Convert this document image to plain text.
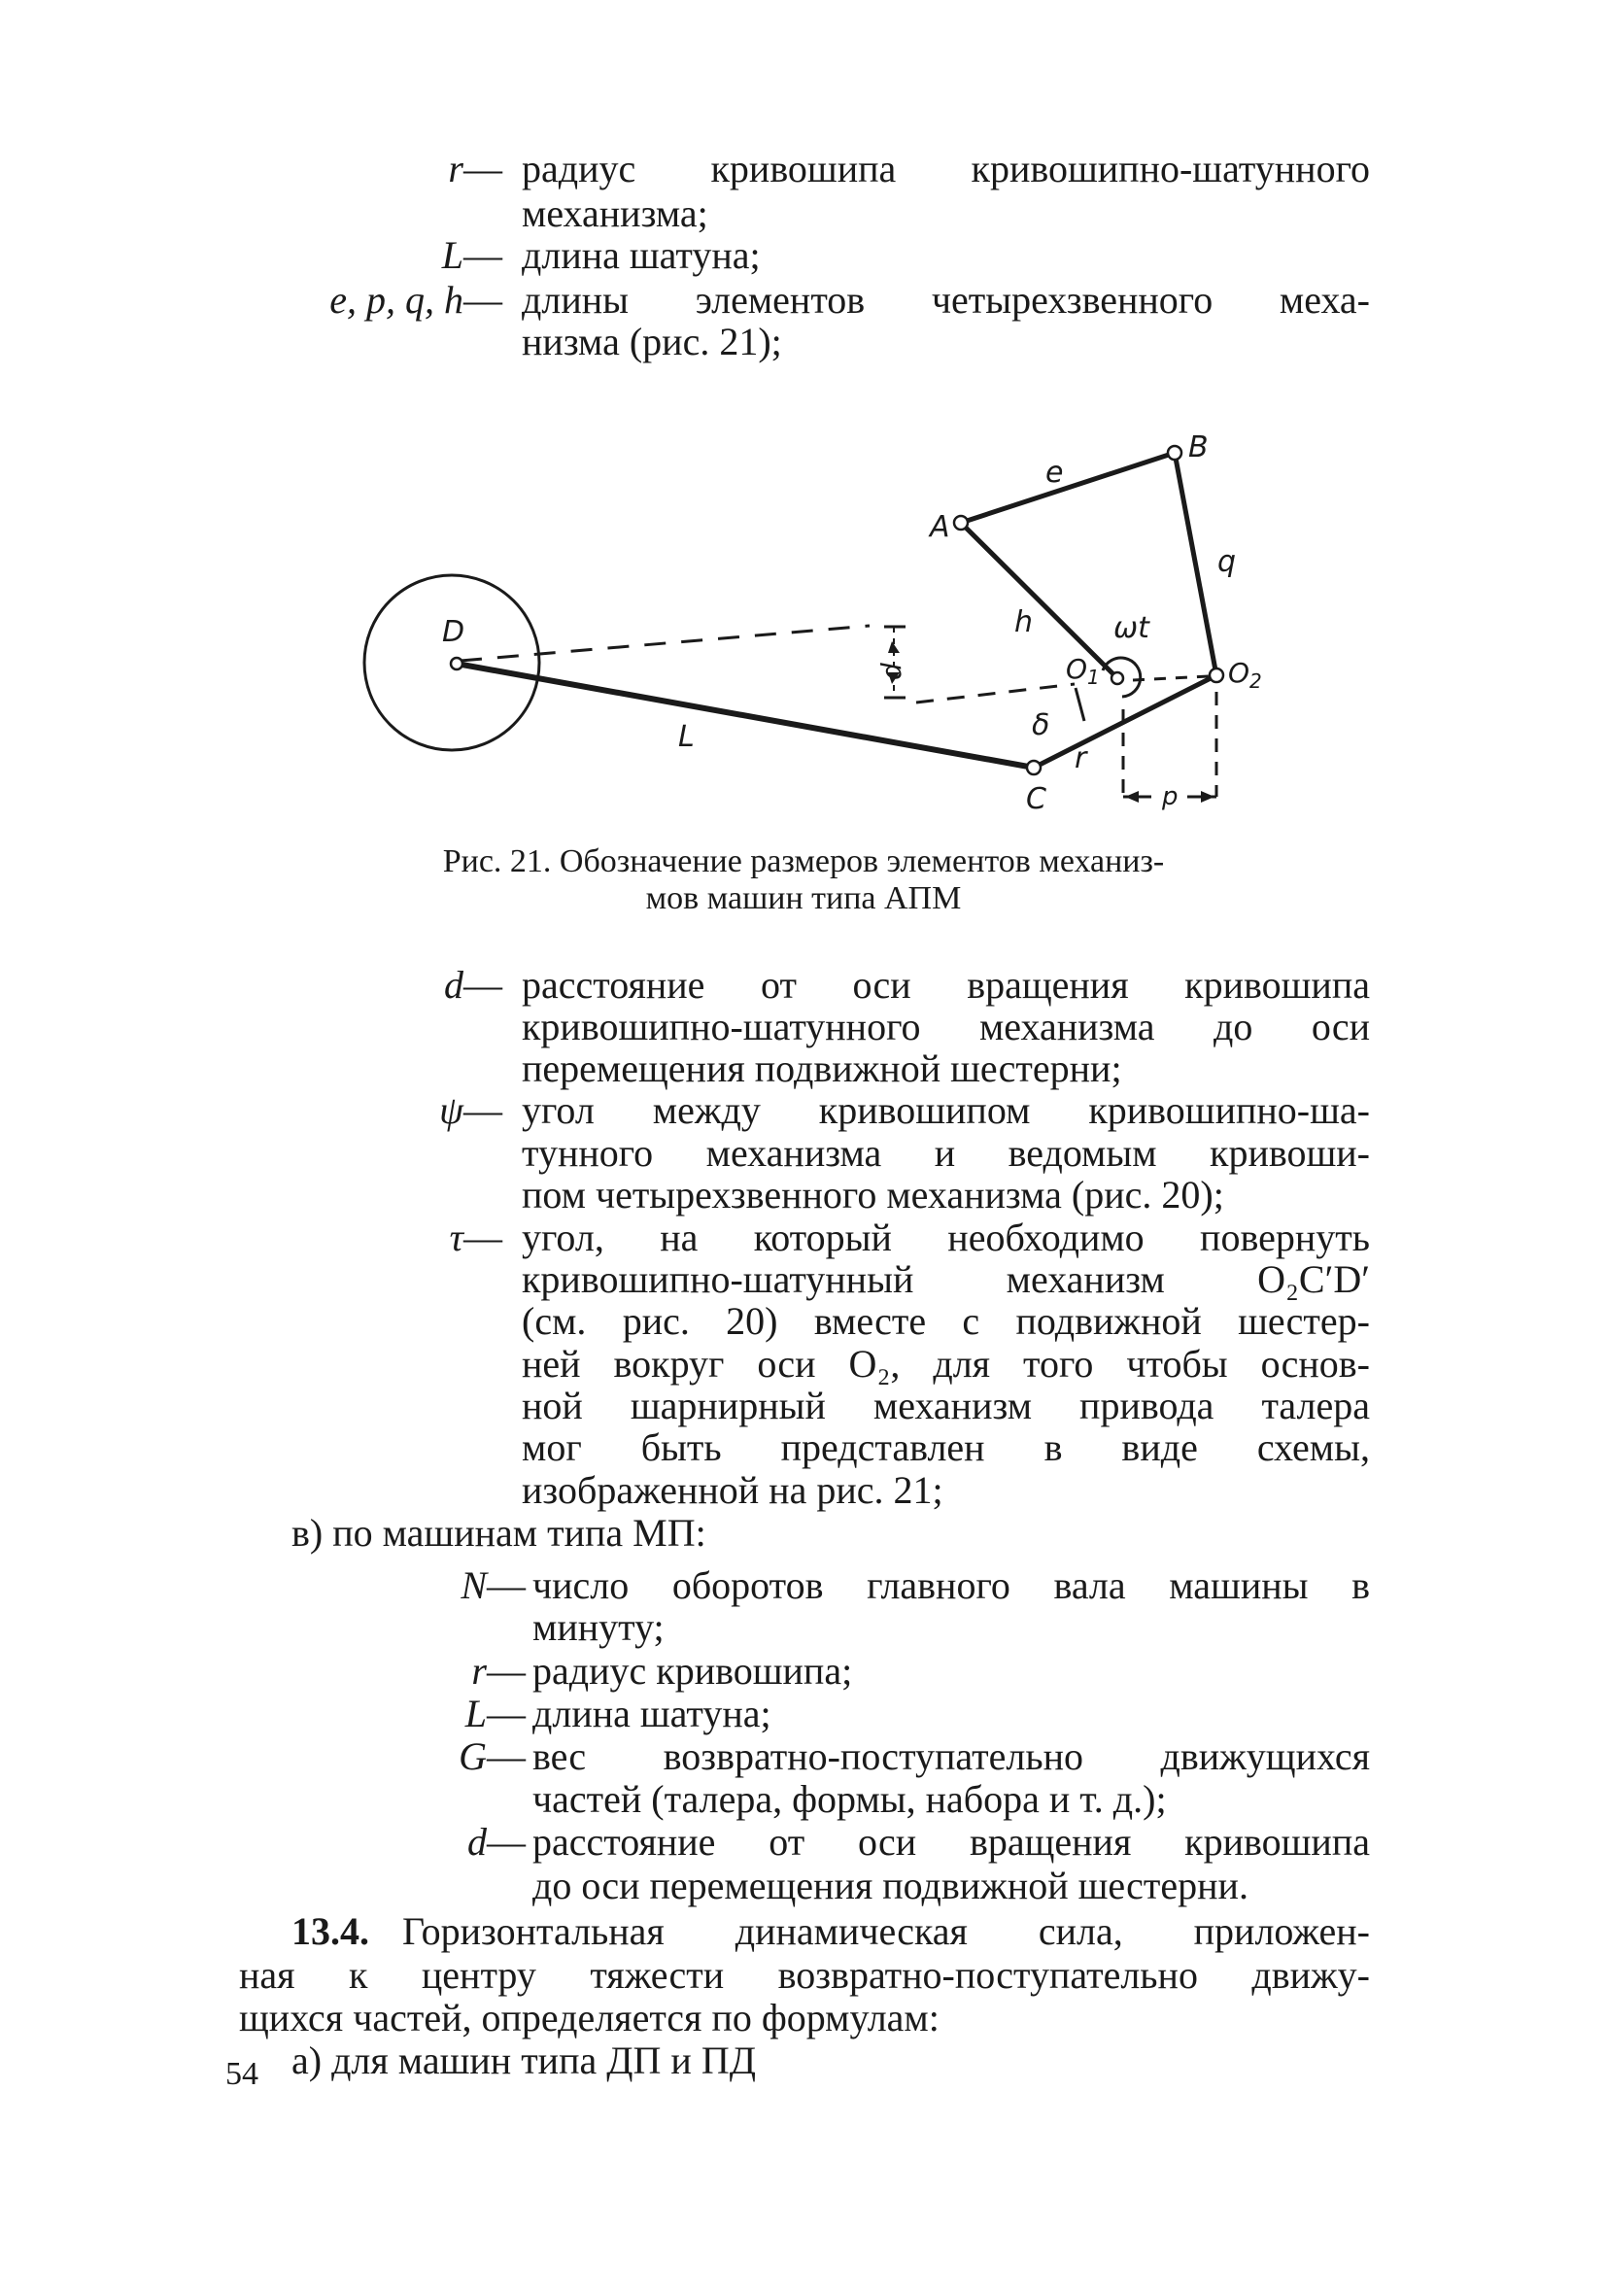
r— радиус кривошипа кривошипно-шатунного
механизма;
L— длина шатуна;
e, p, q, h— длины элементов четырехзвенного меха-
низма (рис. 21);
A
B
C
D
$O_1$	$O_2$
e
q
h
L
r
p
d
δ
ωt
Рис. 21. Обозначение размеров элементов механиз-
мов машин типа АПМ
d— расстояние от оси вращения кривошипа
кривошипно-шатунного механизма до оси
перемещения подвижной шестерни;
ψ— угол между кривошипом кривошипно-ша-
тунного механизма и ведомым кривоши-
пом четырехзвенного механизма (рис. 20);
τ— угол, на который необходимо повернуть
кривошипно-шатунный механизм O₂C′D′
(см. рис. 20) вместе с подвижной шестер-
ней вокруг оси O₂, для того чтобы основ-
ной шарнирный механизм привода талера
мог быть представлен в виде схемы,
изображенной на рис. 21;
в) по машинам типа МП:
N— число оборотов главного вала машины в
минуту;
r— радиус кривошипа;
L— длина шатуна;
G— вес возвратно-поступательно движущихся
частей (талера, формы, набора и т. д.);
d— расстояние от оси вращения кривошипа
до оси перемещения подвижной шестерни.
13.4. Горизонтальная динамическая сила, приложен-
ная к центру тяжести возвратно-поступательно движу-
щихся частей, определяется по формулам:
а) для машин типа ДП и ПД
54
